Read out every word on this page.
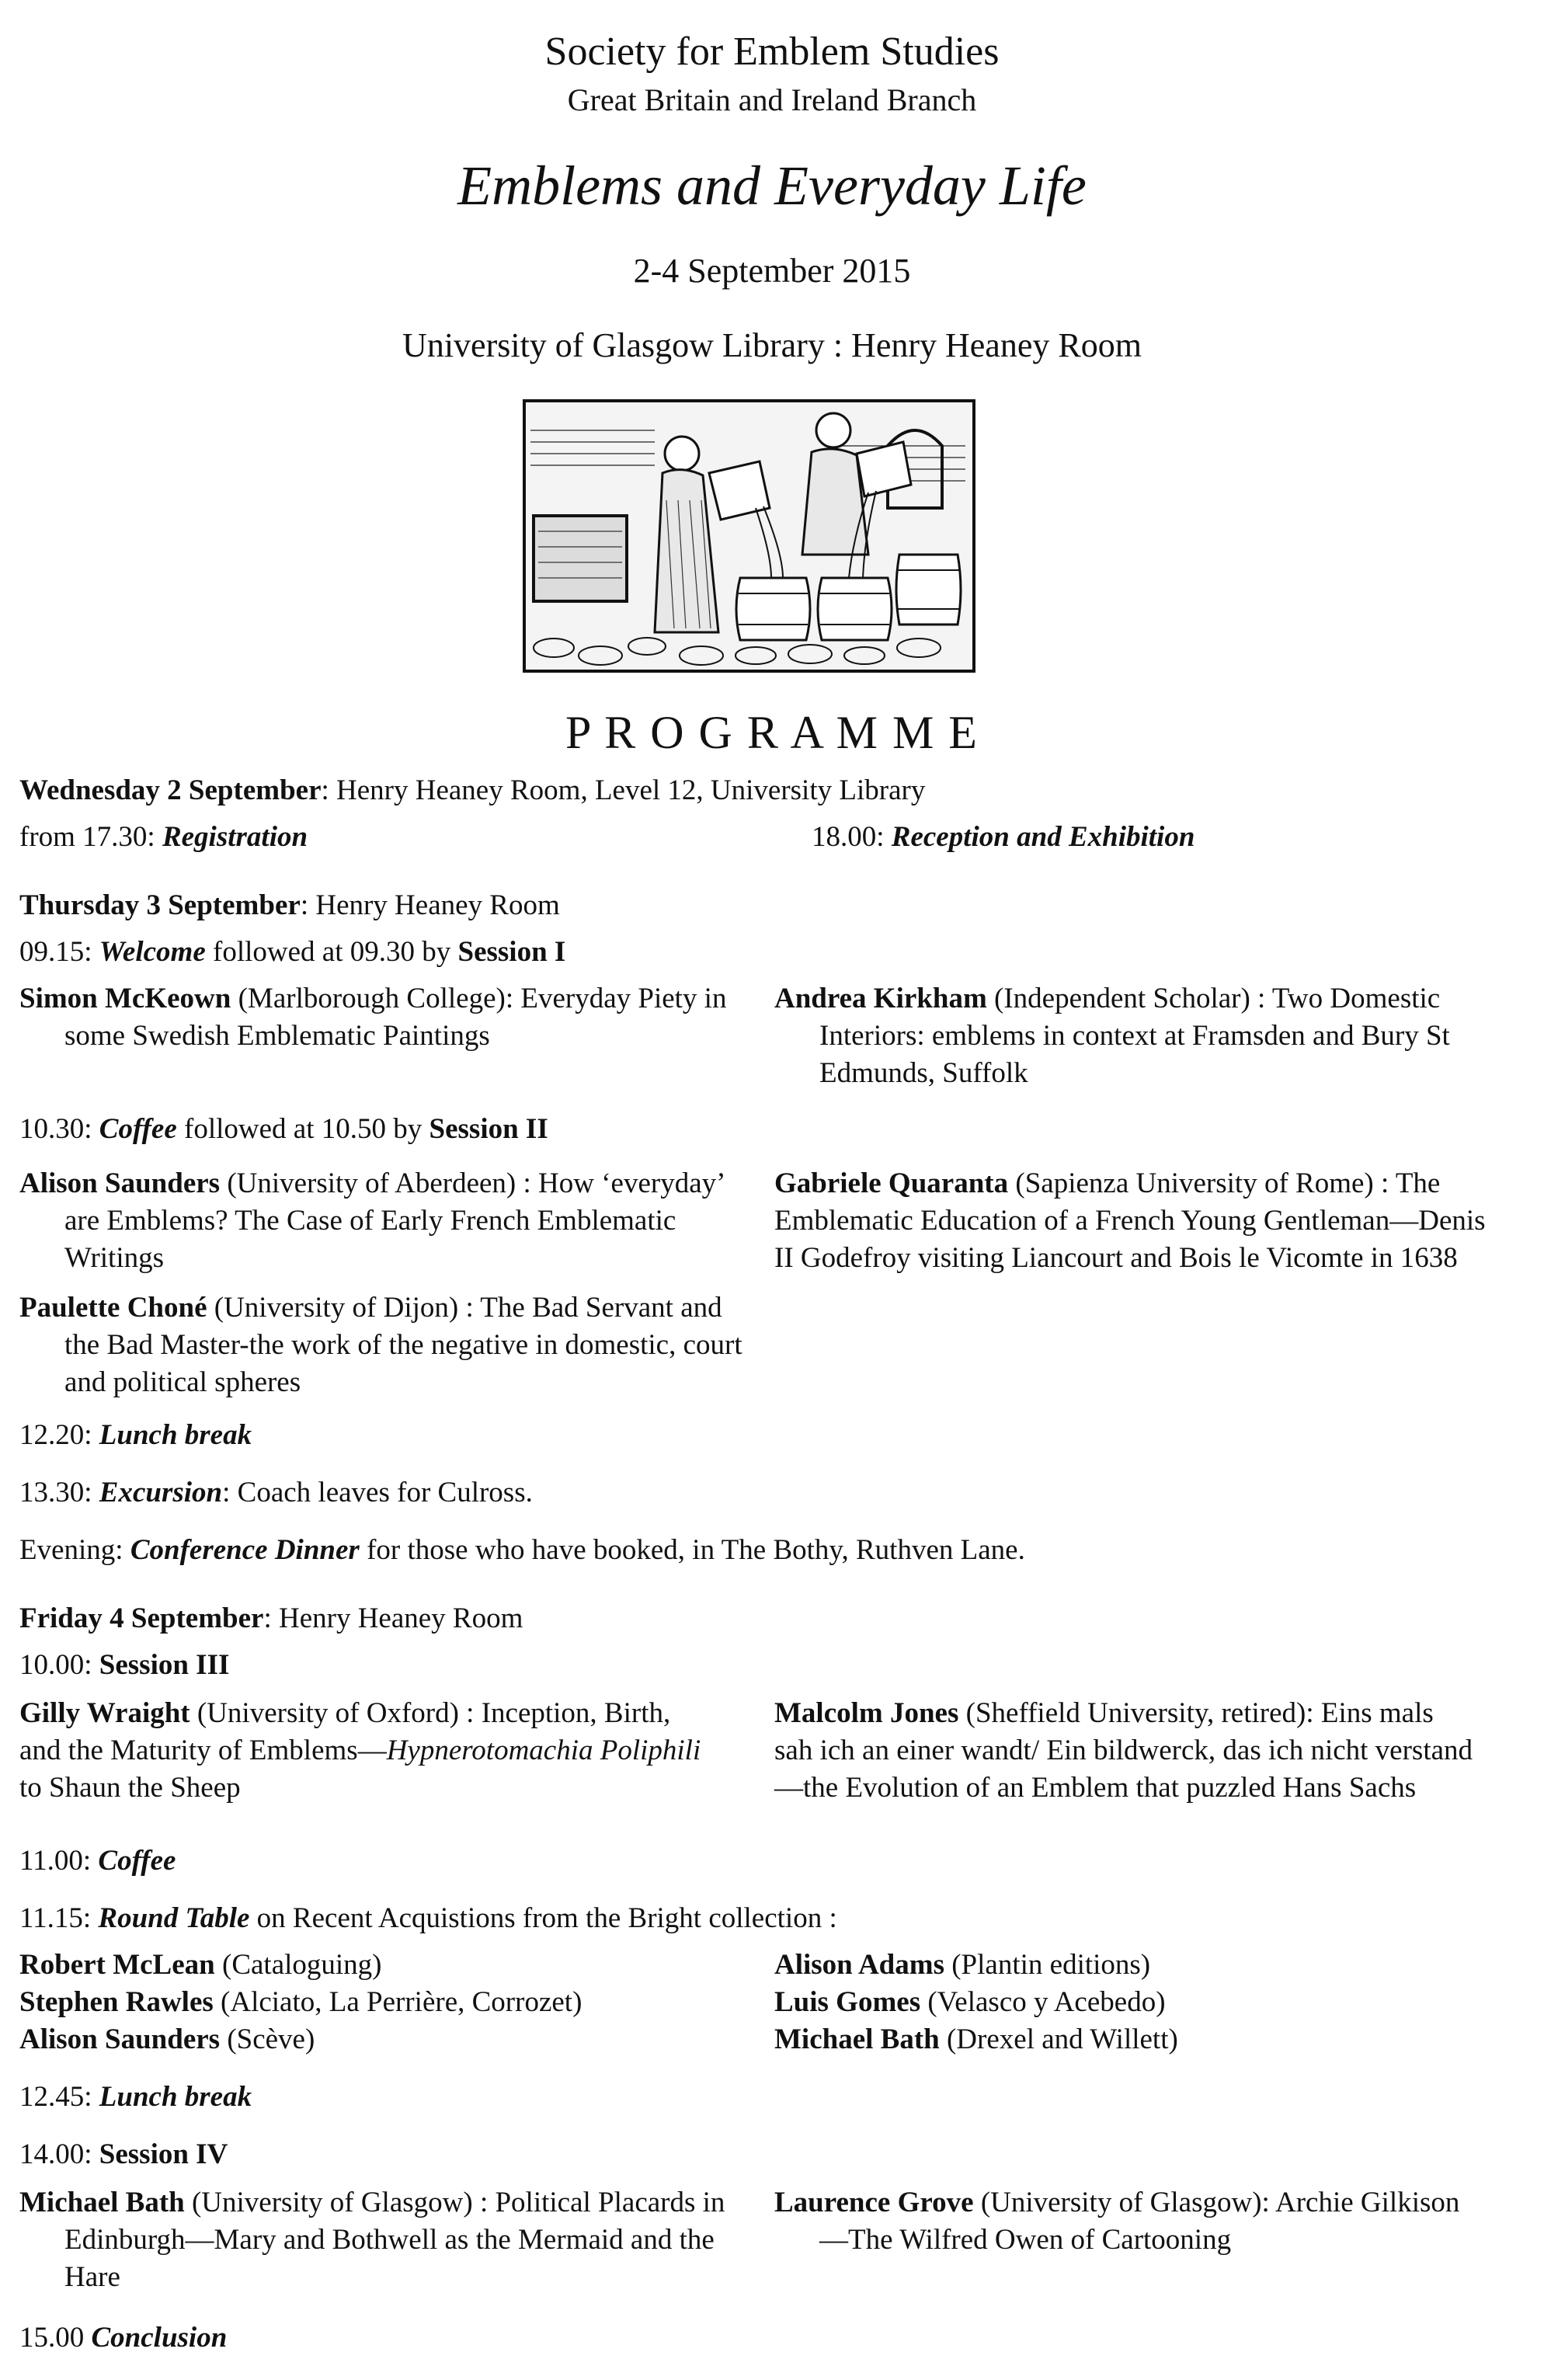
Society for Emblem Studies
Great Britain and Ireland Branch
Emblems and Everyday Life
2-4 September 2015
University of Glasgow Library : Henry Heaney Room
P R O G R A M M E
Wednesday 2 September: Henry Heaney Room, Level 12, University Library
from 17.30: Registration	18.00: Reception and Exhibition
Thursday 3 September: Henry Heaney Room
09.15: Welcome followed at 09.30 by Session I
Simon McKeown (Marlborough College): Everyday Piety in some Swedish Emblematic Paintings
Andrea Kirkham (Independent Scholar) : Two Domestic Interiors: emblems in context at Framsden and Bury St Edmunds, Suffolk
10.30: Coffee followed at 10.50 by Session II
Alison Saunders (University of Aberdeen) : How ‘everyday’ are Emblems? The Case of Early French Emblematic Writings
Paulette Choné (University of Dijon) : The Bad Servant and the Bad Master-the work of the negative in domestic, court and political spheres
Gabriele Quaranta (Sapienza University of Rome) : The Emblematic Education of a French Young Gentleman—Denis II Godefroy visiting Liancourt and Bois le Vicomte in 1638
12.20: Lunch break
13.30: Excursion: Coach leaves for Culross.
Evening: Conference Dinner for those who have booked, in The Bothy, Ruthven Lane.
Friday 4 September: Henry Heaney Room
10.00: Session III
Gilly Wraight (University of Oxford) : Inception, Birth, and the Maturity of Emblems—Hypnerotomachia Poliphili to Shaun the Sheep
Malcolm Jones (Sheffield University, retired): Eins mals sah ich an einer wandt/ Ein bildwerck, das ich nicht verstand—the Evolution of an Emblem that puzzled Hans Sachs
11.00: Coffee
11.15: Round Table on Recent Acquistions from the Bright collection :
Robert McLean (Cataloguing)
Stephen Rawles (Alciato, La Perrière, Corrozet)
Alison Saunders (Scève)
Alison Adams (Plantin editions)
Luis Gomes (Velasco y Acebedo)
Michael Bath (Drexel and Willett)
12.45: Lunch break
14.00: Session IV
Michael Bath (University of Glasgow) : Political Placards in Edinburgh—Mary and Bothwell as the Mermaid and the Hare
Laurence Grove (University of Glasgow): Archie Gilkison—The Wilfred Owen of Cartooning
15.00 Conclusion
